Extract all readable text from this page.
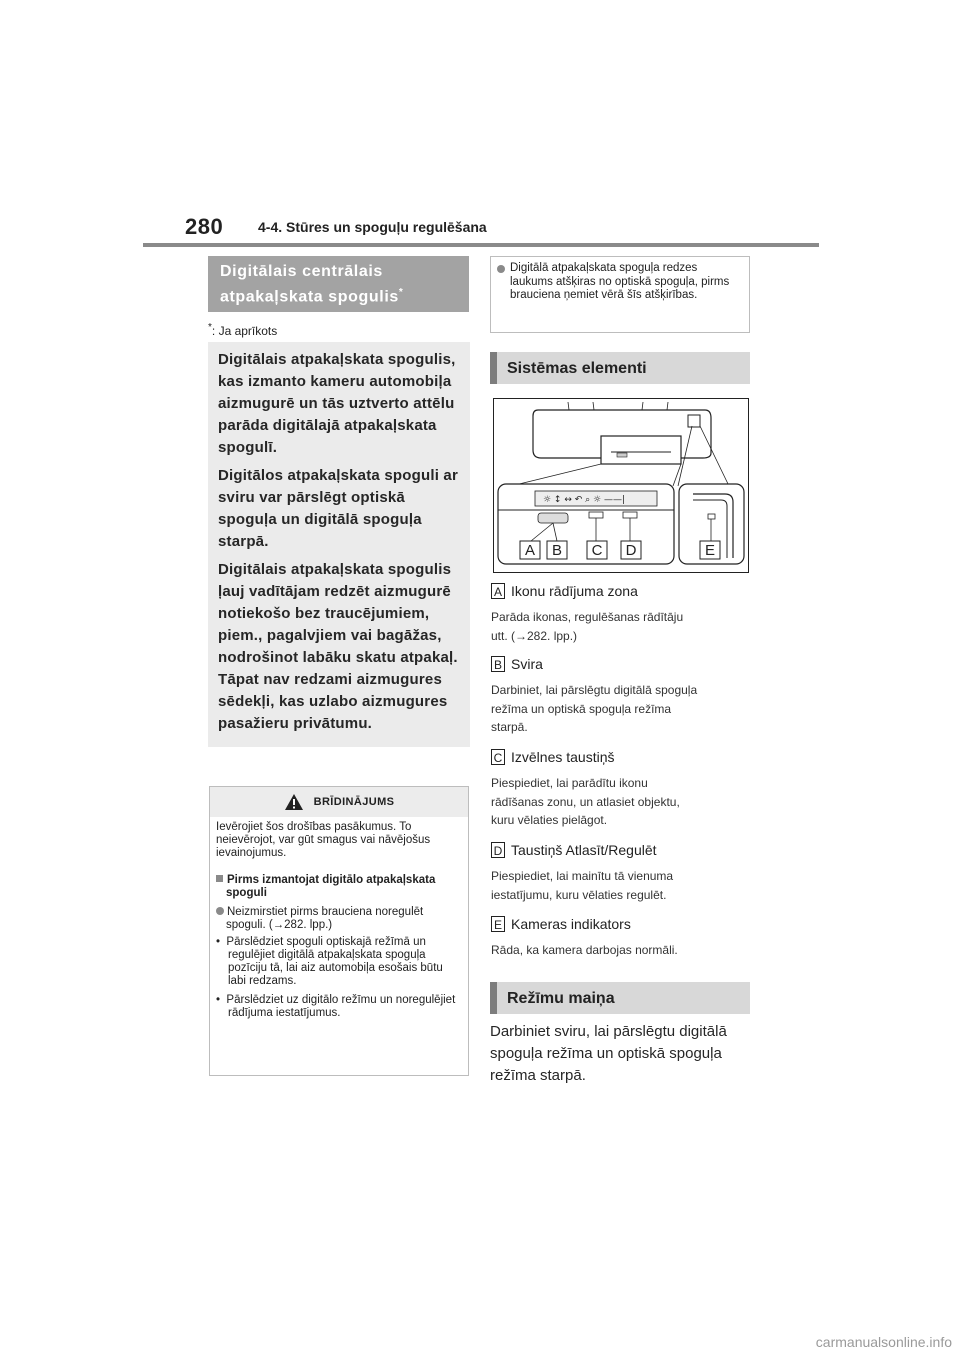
280 4-4. Stūres un spoguļu regulēšana
Digitālais centrālais
atpakaļskata spogulis*
*: Ja aprīkots

Digitālais atpakaļskata spogulis, kas izmanto kameru automobiļa aizmugurē un tās uztverto attēlu parāda digitālajā atpakaļskata spogulī.

Digitālos atpakaļskata spoguli ar sviru var pārslēgt optiskā spoguļa un digitālā spoguļa starpā.

Digitālais atpakaļskata spogulis ļauj vadītājam redzēt aizmugurē notiekošo bez traucējumiem, piem., pagalvjiem vai bagāžas, nodrošinot labāku skatu atpakaļ. Tāpat nav redzami aizmugures sēdekļi, kas uzlabo aizmugures pasažieru privātumu.

BRĪDINĀJUMS

Ievērojiet šos drošības pasākumus. To neievērojot, var gūt smagus vai nāvējošus ievainojumus.

Pirms izmantojat digitālo atpakaļskata spoguli

Neizmirstiet pirms brauciena noregulēt spoguli. (→282. lpp.)

•  Pārslēdziet spoguli optiskajā režīmā un regulējiet digitālā atpakaļskata spoguļa pozīciju tā, lai aiz automobiļa esošais būtu labi redzams.

•  Pārslēdziet uz digitālo režīmu un noregulējiet rādījuma iestatījumus.

Digitālā atpakaļskata spoguļa redzes laukums atšķiras no optiskā spoguļa, pirms brauciena ņemiet vērā šīs atšķirības.
Sistēmas elementi
☼ ↕ ↔ ↶ ⌕ ☼ ——|
A B C D	E
A Ikonu rādījuma zona
Parāda ikonas, regulēšanas rādītāju
utt. (→282. lpp.)
B Svira
Darbiniet, lai pārslēgtu digitālā spoguļa
režīma un optiskā spoguļa režīma
starpā.
C Izvēlnes taustiņš
Piespiediet, lai parādītu ikonu
rādīšanas zonu, un atlasiet objektu,
kuru vēlaties pielāgot.
D Taustiņš Atlasīt/Regulēt
Piespiediet, lai mainītu tā vienuma
iestatījumu, kuru vēlaties regulēt.
E Kameras indikators
Rāda, ka kamera darbojas normāli.
Režīmu maiņa
Darbiniet sviru, lai pārslēgtu digitālā
spoguļa režīma un optiskā spoguļa
režīma starpā.
carmanualsonline.info
